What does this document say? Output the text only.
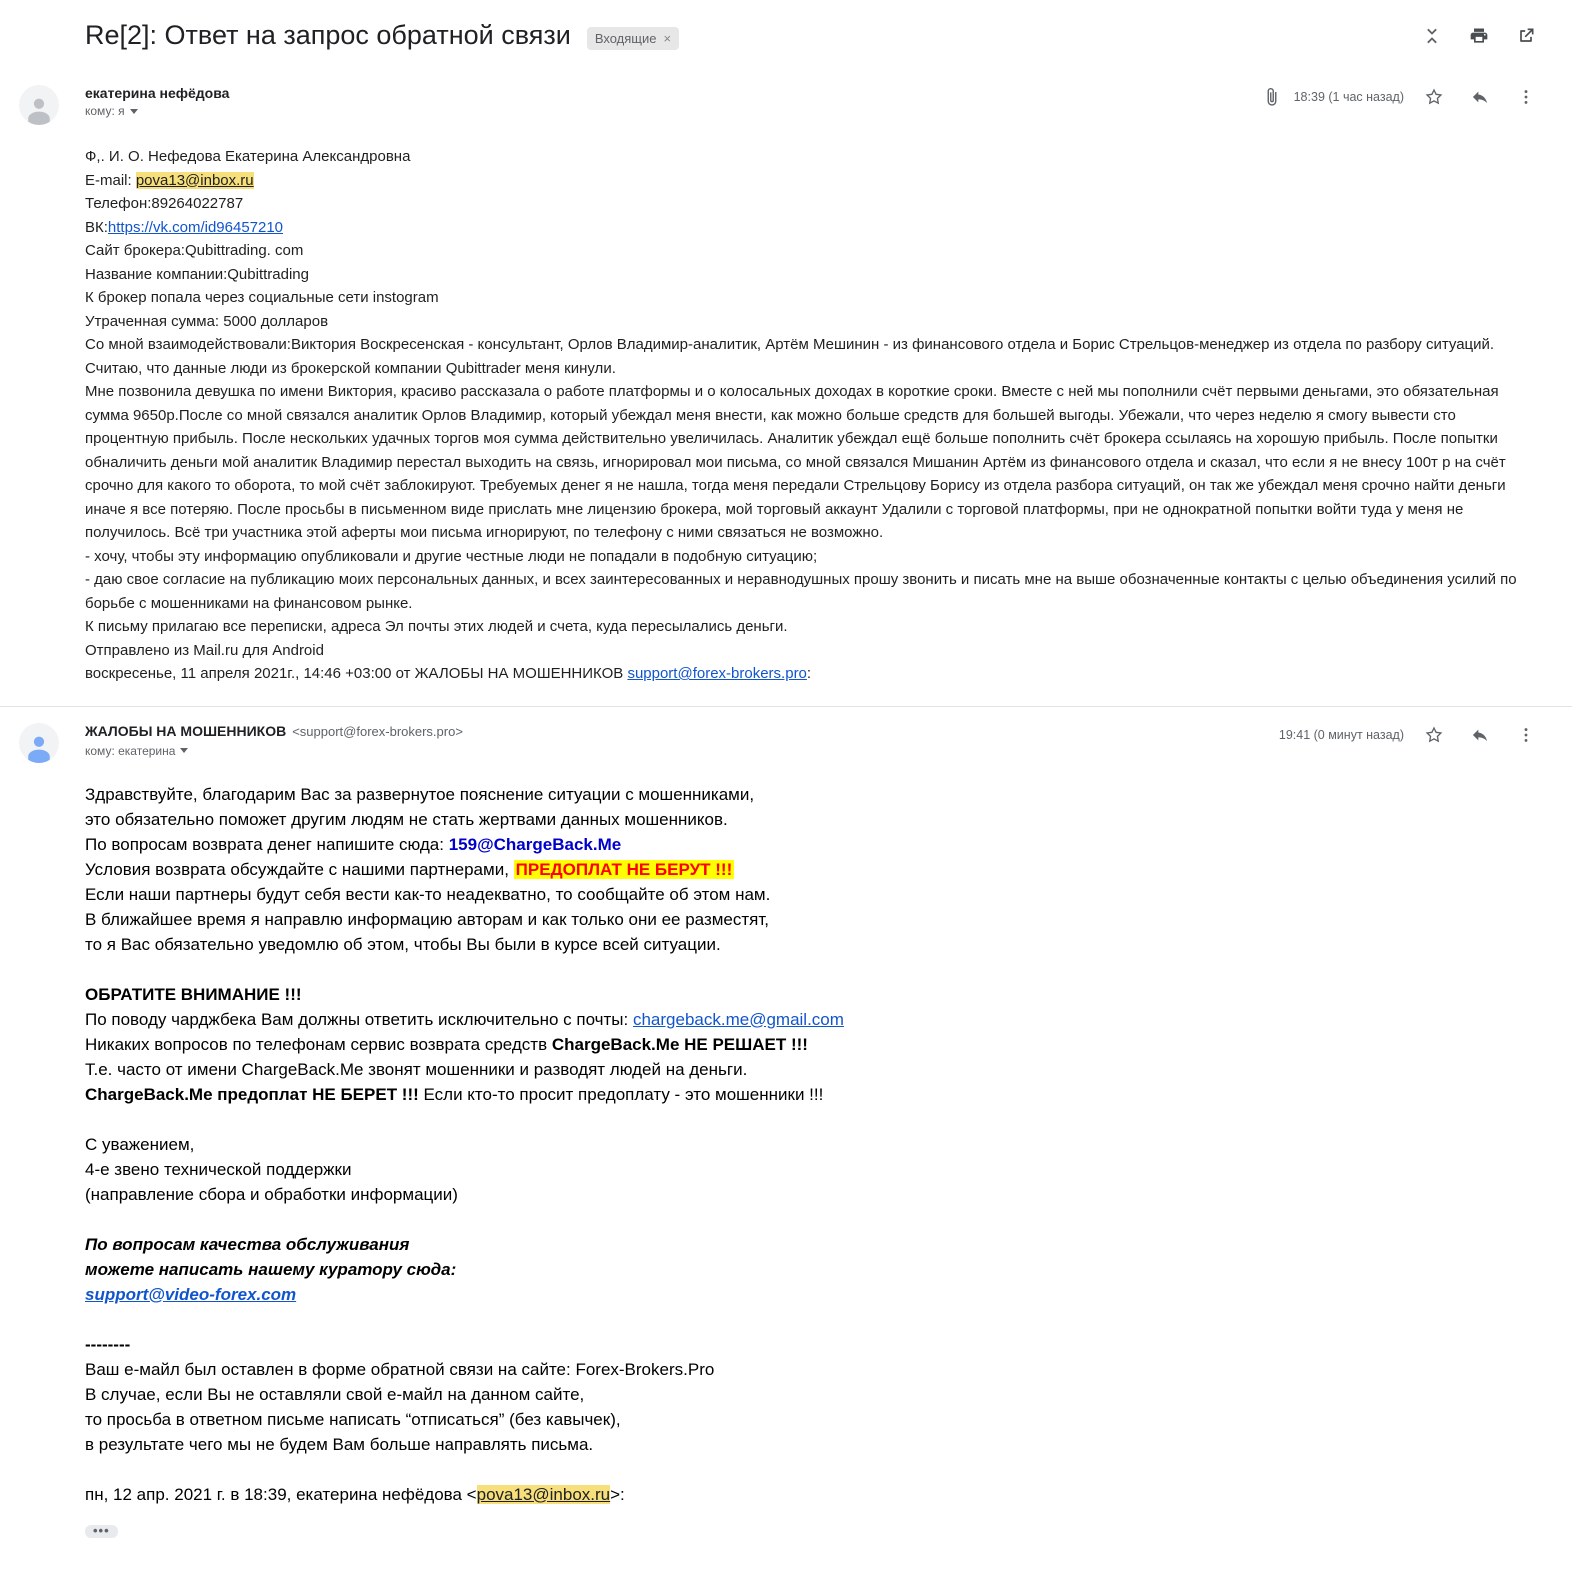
Re[2]: Ответ на запрос обратной связи Входящие ×
екатерина нефёдова
кому: я
18:39 (1 час назад)
Ф,. И. О. Нефедова Екатерина Александровна
E-mail: pova13@inbox.ru
Телефон:89264022787
ВК:https://vk.com/id96457210
Сайт брокера:Qubittrading. com
Название компании:Qubittrading
К брокер попала через социальные сети instogram
Утраченная сумма: 5000 долларов
Со мной взаимодействовали:Виктория Воскресенская - консультант, Орлов Владимир-аналитик, Артём Мешинин - из финансового отдела и Борис Стрельцов-менеджер из отдела по разбору ситуаций.
Считаю, что данные люди из брокерской компании Qubittrader меня кинули.
Мне позвонила девушка по имени Виктория, красиво рассказала о работе платформы и о колосальных доходах в короткие сроки. Вместе с ней мы пополнили счёт первыми деньгами, это обязательная сумма 9650р.После со мной связался аналитик Орлов Владимир, который убеждал меня внести, как можно больше средств для большей выгоды. Убежали, что через неделю я смогу вывести сто процентную прибыль. После нескольких удачных торгов моя сумма действительно увеличилась. Аналитик убеждал ещё больше пополнить счёт брокера ссылаясь на хорошую прибыль. После попытки обналичить деньги мой аналитик Владимир перестал выходить на связь, игнорировал мои письма, со мной связался Мишанин Артём из финансового отдела и сказал, что если я не внесу 100т р на счёт срочно для какого то оборота, то мой счёт заблокируют. Требуемых денег я не нашла, тогда меня передали Стрельцову Борису из отдела разбора ситуаций, он так же убеждал меня срочно найти деньги иначе я все потеряю. После просьбы в письменном виде прислать мне лицензию брокера, мой торговый аккаунт Удалили с торговой платформы, при не однократной попытки войти туда у меня не получилось. Всё три участника этой аферты мои письма игнорируют, по телефону с ними связаться не возможно.
- хочу, чтобы эту информацию опубликовали и другие честные люди не попадали в подобную ситуацию;
- даю свое согласие на публикацию моих персональных данных, и всех заинтересованных и неравнодушных прошу звонить и писать мне на выше обозначенные контакты с целью объединения усилий по борьбе с мошенниками на финансовом рынке.
К письму прилагаю все переписки, адреса Эл почты этих людей и счета, куда пересылались деньги.
Отправлено из Mail.ru для Android
воскресенье, 11 апреля 2021г., 14:46 +03:00 от ЖАЛОБЫ НА МОШЕННИКОВ support@forex-brokers.pro:
ЖАЛОБЫ НА МОШЕННИКОВ <support@forex-brokers.pro>
кому: екатерина
19:41 (0 минут назад)
Здравствуйте, благодарим Вас за развернутое пояснение ситуации с мошенниками,
это обязательно поможет другим людям не стать жертвами данных мошенников.
По вопросам возврата денег напишите сюда: 159@ChargeBack.Me
Условия возврата обсуждайте с нашими партнерами, ПРЕДОПЛАТ НЕ БЕРУТ !!!
Если наши партнеры будут себя вести как-то неадекватно, то сообщайте об этом нам.
В ближайшее время я направлю информацию авторам и как только они ее разместят,
то я Вас обязательно уведомлю об этом, чтобы Вы были в курсе всей ситуации.
ОБРАТИТЕ ВНИМАНИЕ !!!
По поводу чарджбека Вам должны ответить исключительно с почты: chargeback.me@gmail.com
Никаких вопросов по телефонам сервис возврата средств ChargeBack.Me НЕ РЕШАЕТ !!!
Т.е. часто от имени ChargeBack.Me звонят мошенники и разводят людей на деньги.
ChargeBack.Me предоплат НЕ БЕРЕТ !!! Если кто-то просит предоплату - это мошенники !!!
С уважением,
4-е звено технической поддержки
(направление сбора и обработки информации)
По вопросам качества обслуживания
можете написать нашему куратору сюда:
support@video-forex.com
--------
Ваш е-майл был оставлен в форме обратной связи на сайте: Forex-Brokers.Pro
В случае, если Вы не оставляли свой е-майл на данном сайте,
то просьба в ответном письме написать “отписаться” (без кавычек),
в результате чего мы не будем Вам больше направлять письма.
пн, 12 апр. 2021 г. в 18:39, екатерина нефёдова <pova13@inbox.ru>:
•••
